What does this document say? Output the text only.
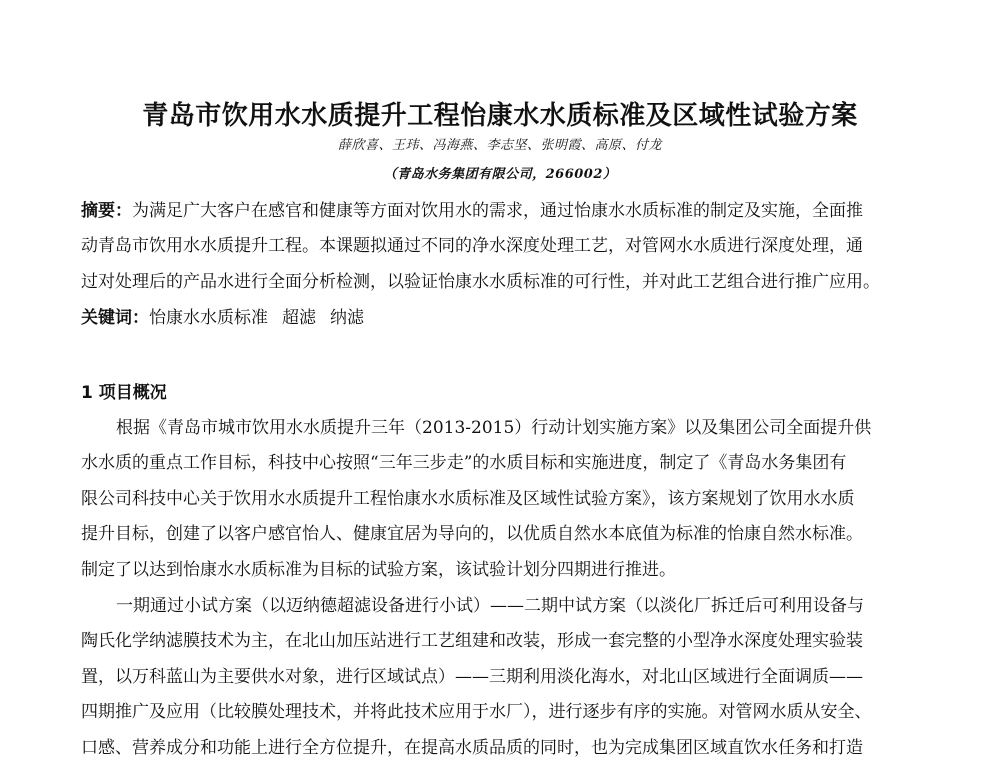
青岛市饮用水水质提升工程怡康水水质标准及区域性试验方案
薛欣喜、王玮、冯海燕、李志坚、张明霞、高原、付龙
（青岛水务集团有限公司，266002）
摘要：为满足广大客户在感官和健康等方面对饮用水的需求，通过怡康水水质标准的制定及实施，全面推
动青岛市饮用水水质提升工程。本课题拟通过不同的净水深度处理工艺，对管网水水质进行深度处理，通
过对处理后的产品水进行全面分析检测，以验证怡康水水质标准的可行性，并对此工艺组合进行推广应用。
关键词：怡康水水质标准 超滤 纳滤
1 项目概况
根据《青岛市城市饮用水水质提升三年（2013-2015）行动计划实施方案》以及集团公司全面提升供
水水质的重点工作目标，科技中心按照“三年三步走”的水质目标和实施进度，制定了《青岛水务集团有
限公司科技中心关于饮用水水质提升工程怡康水水质标准及区域性试验方案》，该方案规划了饮用水水质
提升目标，创建了以客户感官怡人、健康宜居为导向的，以优质自然水本底值为标准的怡康自然水标准。
制定了以达到怡康水水质标准为目标的试验方案，该试验计划分四期进行推进。
一期通过小试方案（以迈纳德超滤设备进行小试）——二期中试方案（以淡化厂拆迁后可利用设备与
陶氏化学纳滤膜技术为主，在北山加压站进行工艺组建和改装，形成一套完整的小型净水深度处理实验装
置，以万科蓝山为主要供水对象，进行区域试点）——三期利用淡化海水，对北山区域进行全面调质——
四期推广及应用（比较膜处理技术，并将此技术应用于水厂），进行逐步有序的实施。对管网水质从安全、
口感、营养成分和功能上进行全方位提升，在提高水质品质的同时，也为完成集团区域直饮水任务和打造
